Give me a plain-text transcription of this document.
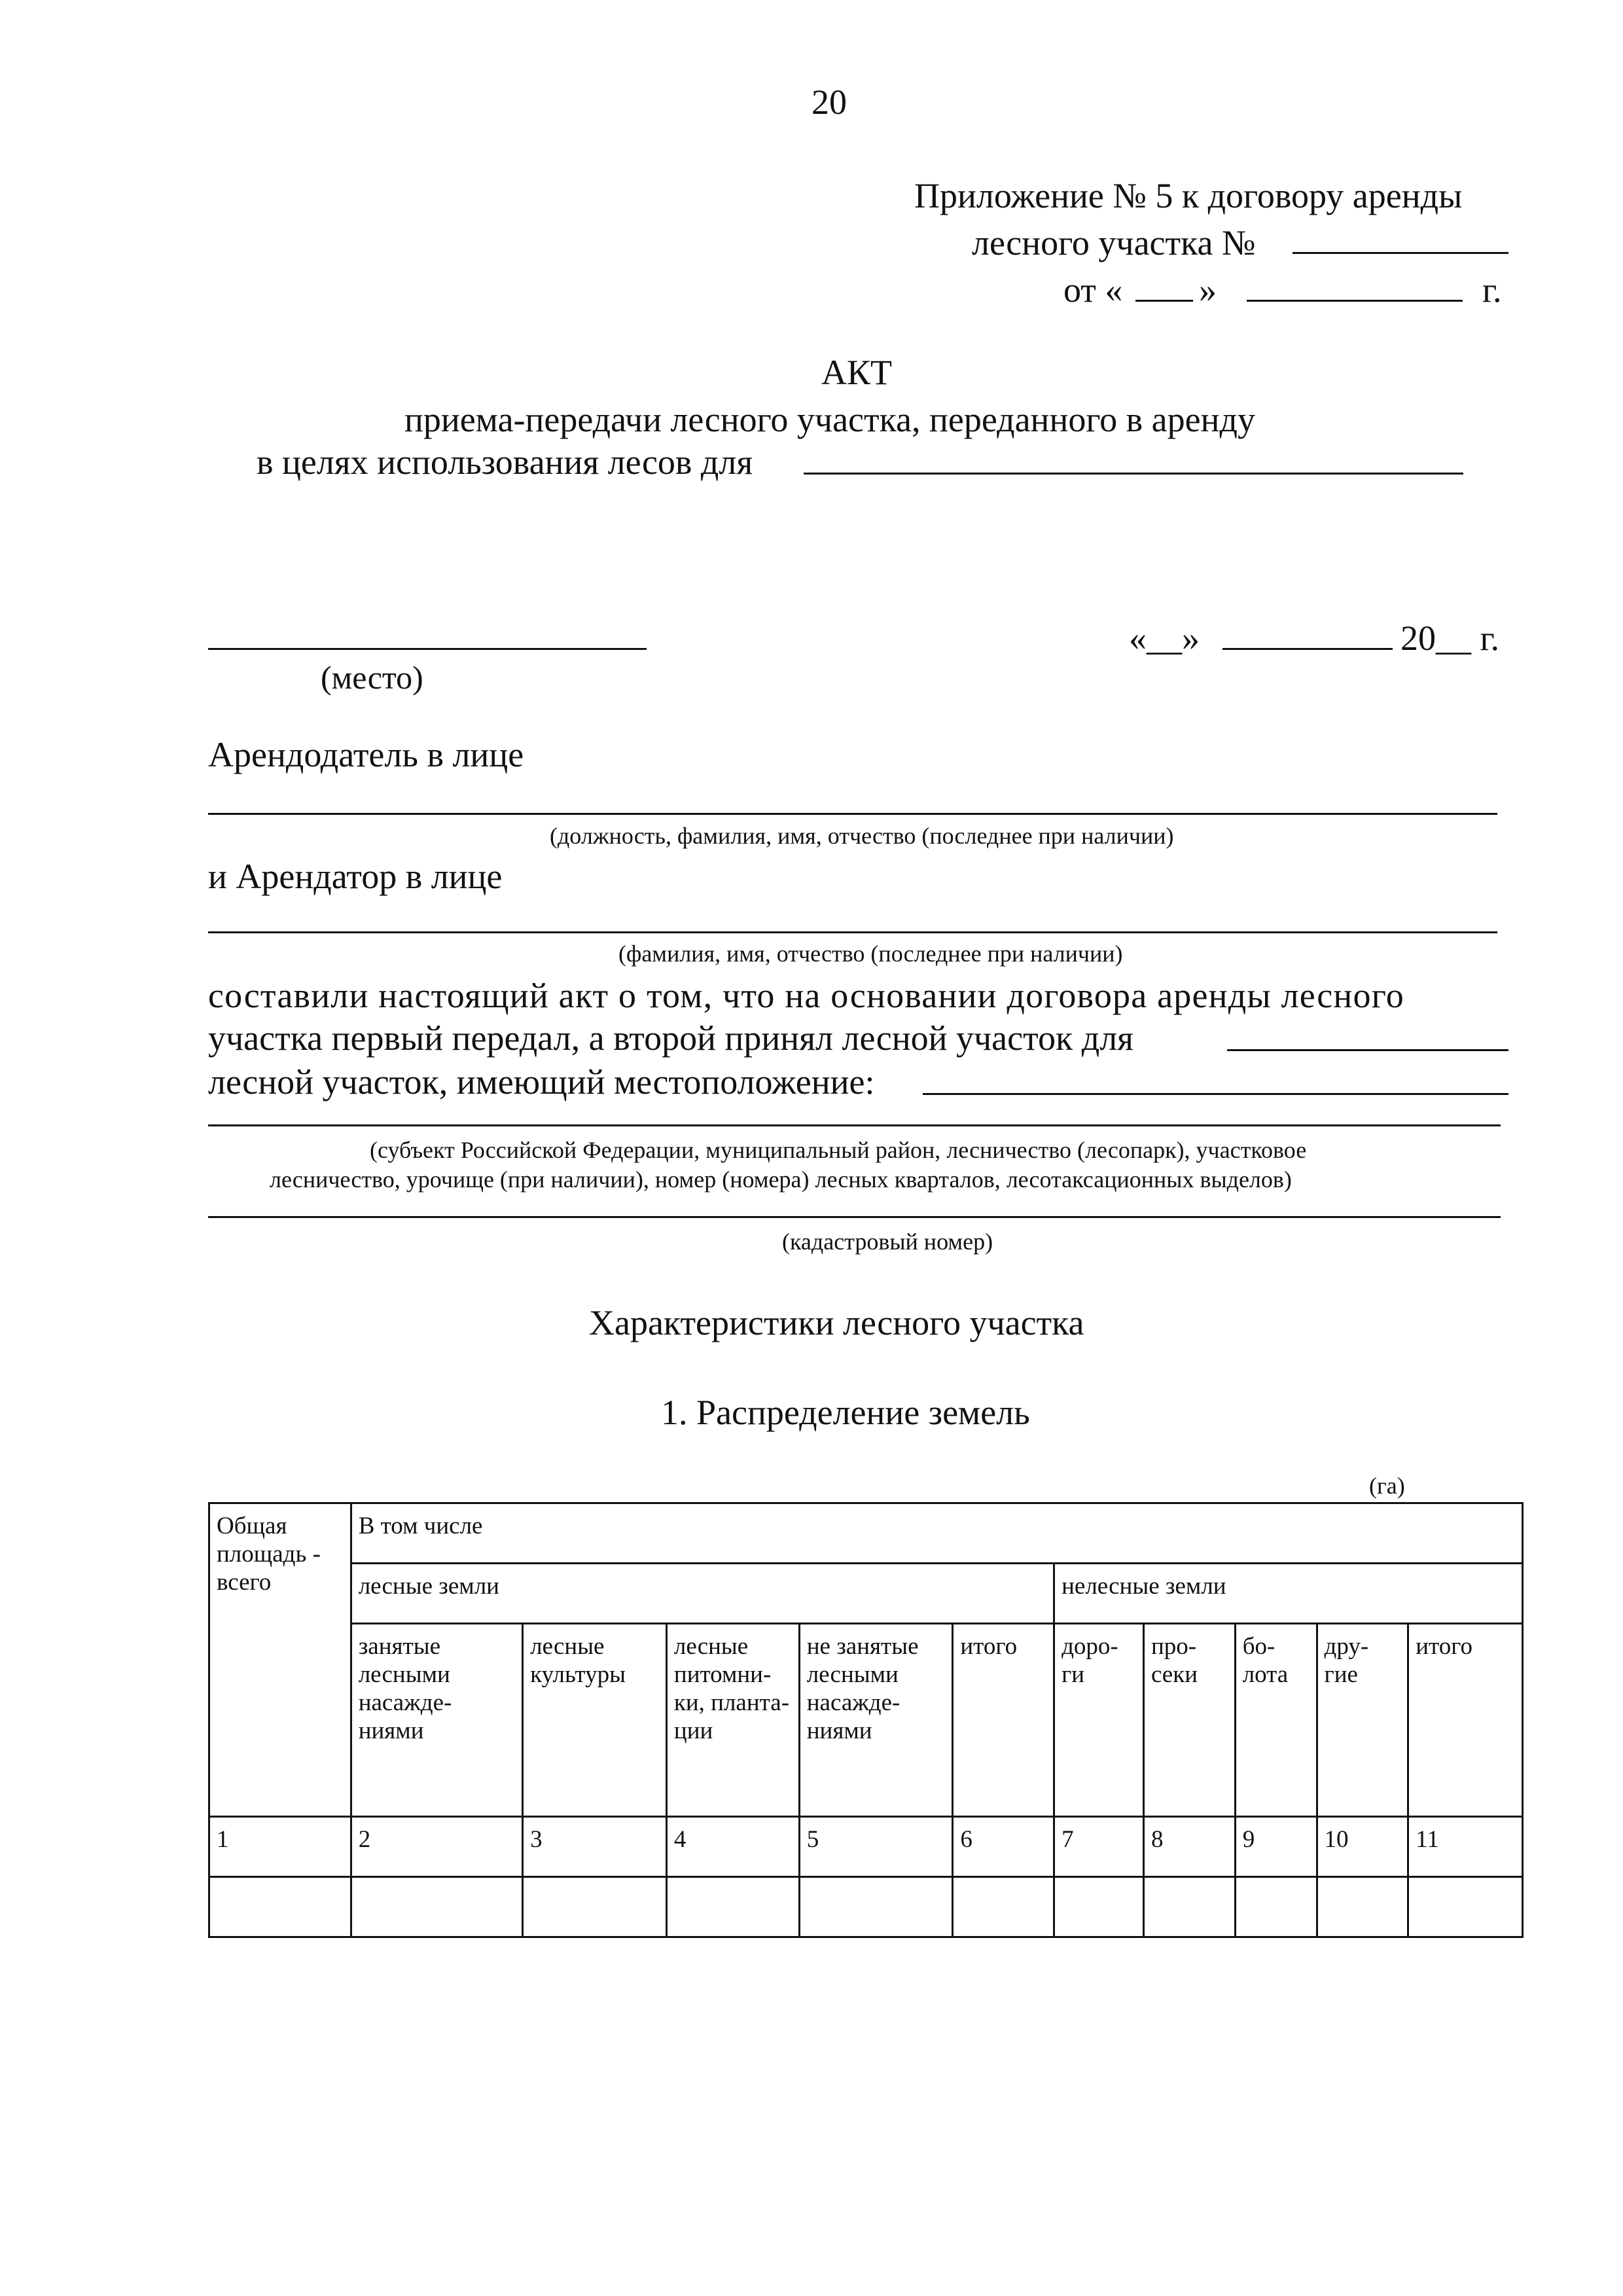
20
Приложение № 5 к договору аренды
лесного участка №
от « »	г.
АКТ
приема-передачи лесного участка, переданного в аренду
в целях использования лесов для
(место)
«__»	20__ г.
Арендодатель в лице
(должность, фамилия, имя, отчество (последнее при наличии)
и Арендатор в лице
(фамилия, имя, отчество (последнее при наличии)
составили настоящий акт о том, что на основании договора аренды лесного
участка первый передал, а второй принял лесной участок для
лесной участок, имеющий местоположение:
(субъект Российской Федерации, муниципальный район, лесничество (лесопарк), участковое
лесничество, урочище (при наличии), номер (номера) лесных кварталов, лесотаксационных выделов)
(кадастровый номер)
Характеристики лесного участка
1. Распределение земель
(га)
Общая площадь - всего	В том числе									
	лесные земли					нелесные земли				
	занятые лесными насажде-ниями	лесные культуры	лесные питомни-ки, планта-ции	не занятые лесными насажде-ниями	итого	доро-ги	про-секи	бо-лота	дру-гие	итого
1	2	3	4	5	6	7	8	9	10	11
